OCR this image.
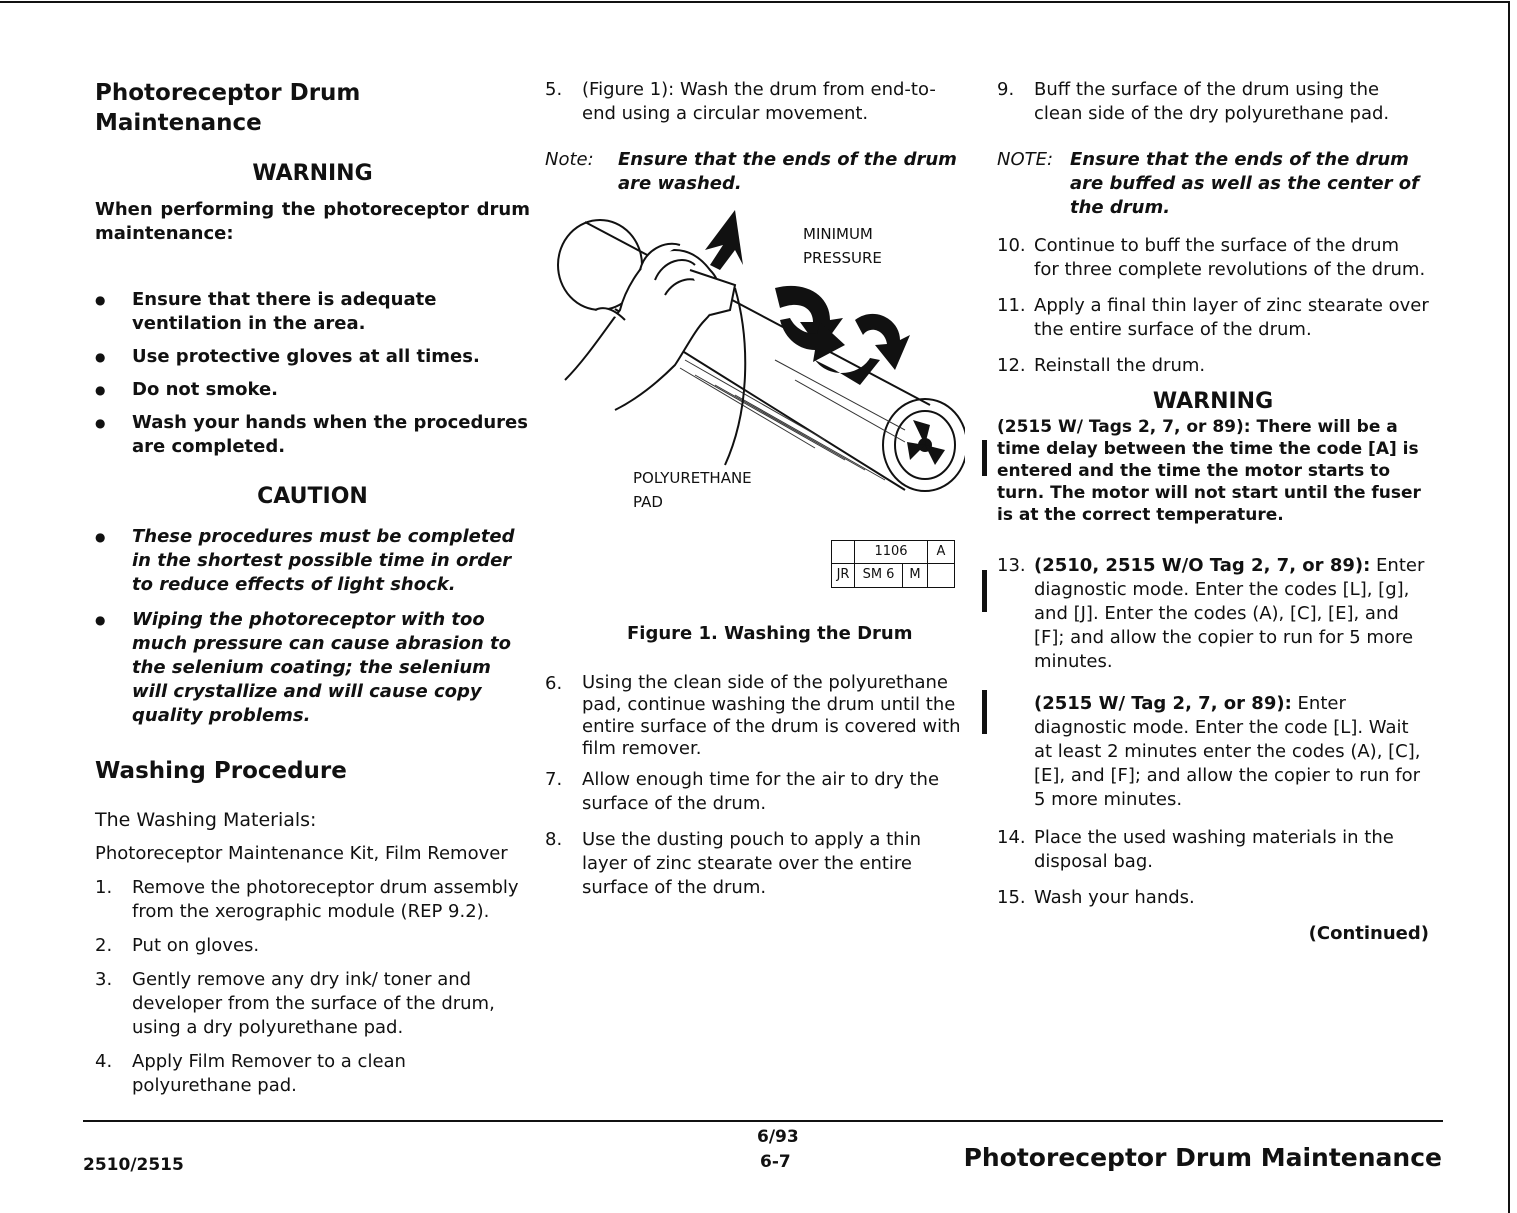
Photoreceptor Drum Maintenance
WARNING
When performing the photoreceptor drum maintenance:
● Ensure that there is adequate ventilation in the area.
● Use protective gloves at all times.
● Do not smoke.
● Wash your hands when the procedures are completed.
CAUTION
● These procedures must be completed in the shortest possible time in order to reduce effects of light shock.
● Wiping the photoreceptor with too much pressure can cause abrasion to the selenium coating; the selenium will crystallize and will cause copy quality problems.
Washing Procedure
The Washing Materials:
Photoreceptor Maintenance Kit, Film Remover
1.	Remove the photoreceptor drum assembly from the xerographic module (REP 9.2).
2.	Put on gloves.
3.	Gently remove any dry ink/ toner and developer from the surface of the drum, using a dry polyurethane pad.
4.	Apply Film Remover to a clean polyurethane pad.
5.	(Figure 1): Wash the drum from end-to-end using a circular movement.
Note:	Ensure that the ends of the drum are washed.
MINIMUM
PRESSURE
POLYURETHANE
PAD
1106	A
JR	SM 6	M
Figure 1. Washing the Drum
6.	Using the clean side of the polyurethane pad, continue washing the drum until the entire surface of the drum is covered with film remover.
7.	Allow enough time for the air to dry the surface of the drum.
8.	Use the dusting pouch to apply a thin layer of zinc stearate over the entire surface of the drum.
9.	Buff the surface of the drum using the clean side of the dry polyurethane pad.
NOTE: Ensure that the ends of the drum are buffed as well as the center of the drum.
10. Continue to buff the surface of the drum for three complete revolutions of the drum.
11. Apply a final thin layer of zinc stearate over the entire surface of the drum.
12. Reinstall the drum.
WARNING
(2515 W/ Tags 2, 7, or 89): There will be a time delay between the time the code [A] is entered and the time the motor starts to turn. The motor will not start until the fuser is at the correct temperature.
13. (2510, 2515 W/O Tag 2, 7, or 89): Enter diagnostic mode. Enter the codes [L], [g], and [J]. Enter the codes (A), [C], [E], and [F]; and allow the copier to run for 5 more minutes.
(2515 W/ Tag 2, 7, or 89): Enter diagnostic mode. Enter the code [L]. Wait at least 2 minutes enter the codes (A), [C], [E], and [F]; and allow the copier to run for 5 more minutes.
14. Place the used washing materials in the disposal bag.
15. Wash your hands.
(Continued)
2510/2515
6/93
6-7	Photoreceptor Drum Maintenance
